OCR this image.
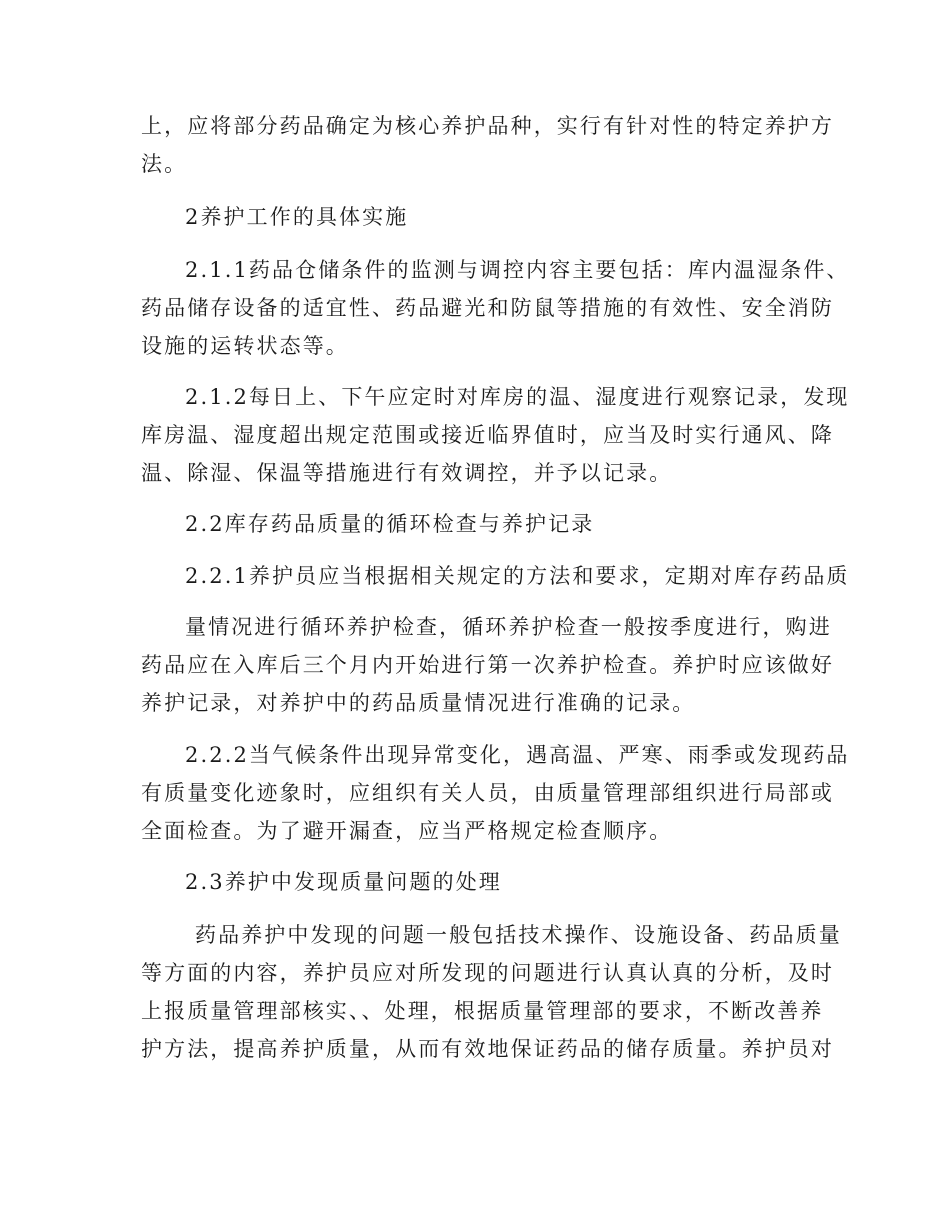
上，应将部分药品确定为核心养护品种，实行有针对性的特定养护方
法。
2养护工作的具体实施
2.1.1药品仓储条件的监测与调控内容主要包括：库内温湿条件、
药品储存设备的适宜性、药品避光和防鼠等措施的有效性、安全消防
设施的运转状态等。
2.1.2每日上、下午应定时对库房的温、湿度进行观察记录，发现
库房温、湿度超出规定范围或接近临界值时，应当及时实行通风、降
温、除湿、保温等措施进行有效调控，并予以记录。
2.2库存药品质量的循环检查与养护记录
2.2.1养护员应当根据相关规定的方法和要求，定期对库存药品质
量情况进行循环养护检查，循环养护检查一般按季度进行，购进
药品应在入库后三个月内开始进行第一次养护检查。养护时应该做好
养护记录，对养护中的药品质量情况进行准确的记录。
2.2.2当气候条件出现异常变化，遇高温、严寒、雨季或发现药品
有质量变化迹象时，应组织有关人员，由质量管理部组织进行局部或
全面检查。为了避开漏查，应当严格规定检查顺序。
2.3养护中发现质量问题的处理
药品养护中发现的问题一般包括技术操作、设施设备、药品质量
等方面的内容，养护员应对所发现的问题进行认真认真的分析，及时
上报质量管理部核实、、处理，根据质量管理部的要求，不断改善养
护方法，提高养护质量，从而有效地保证药品的储存质量。养护员对
